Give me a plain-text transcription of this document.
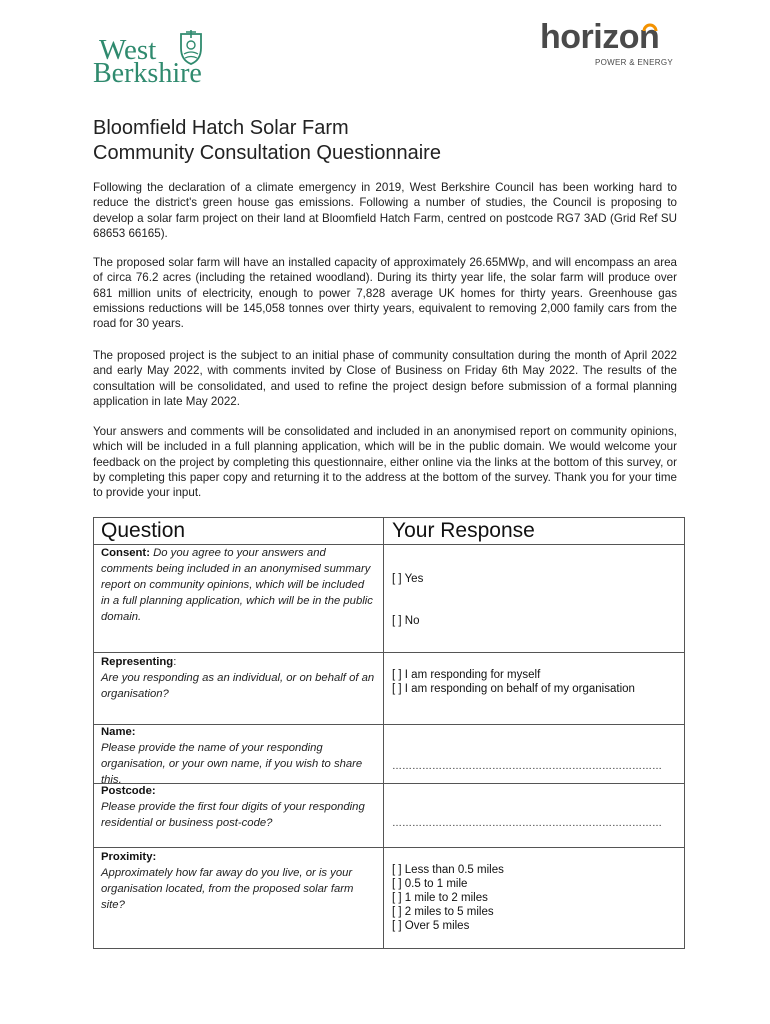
West
Berkshire
horizon
POWER & ENERGY
Bloomfield Hatch Solar Farm
Community Consultation Questionnaire

Following the declaration of a climate emergency in 2019, West Berkshire Council has been working hard to reduce the district's green house gas emissions. Following a number of studies, the Council is proposing to develop a solar farm project on their land at Bloomfield Hatch Farm, centred on postcode RG7 3AD (Grid Ref SU 68653 66165).

The proposed solar farm will have an installed capacity of approximately 26.65MWp, and will encompass an area of circa 76.2 acres (including the retained woodland). During its thirty year life, the solar farm will produce over 681 million units of electricity, enough to power 7,828 average UK homes for thirty years. Greenhouse gas emissions reductions will be 145,058 tonnes over thirty years, equivalent to removing 2,000 family cars from the road for 30 years.

The proposed project is the subject to an initial phase of community consultation during the month of April 2022 and early May 2022, with comments invited by Close of Business on Friday 6th May 2022. The results of the consultation will be consolidated, and used to refine the project design before submission of a formal planning application in late May 2022.

Your answers and comments will be consolidated and included in an anonymised report on community opinions, which will be included in a full planning application, which will be in the public domain. We would welcome your feedback on the project by completing this questionnaire, either online via the links at the bottom of this survey, or by completing this paper copy and returning it to the address at the bottom of the survey. Thank you for your time to provide your input.

Question	Your Response
Consent: Do you agree to your answers and comments being included in an anonymised summary report on community opinions, which will be included in a full planning application, which will be in the public domain.
[ ] Yes
[ ] No
Representing:
Are you responding as an individual, or on behalf of an organisation?
[ ] I am responding for myself
[ ] I am responding on behalf of my organisation
Name:
Please provide the name of your responding organisation, or your own name, if you wish to share this.
………………………………………………………………………
Postcode:
Please provide the first four digits of your responding residential or business post-code?	………………………………………………………………………
Proximity:
Approximately how far away do you live, or is your organisation located, from the proposed solar farm site?
[ ] Less than 0.5 miles
[ ] 0.5 to 1 mile
[ ] 1 mile to 2 miles
[ ] 2 miles to 5 miles
[ ] Over 5 miles
